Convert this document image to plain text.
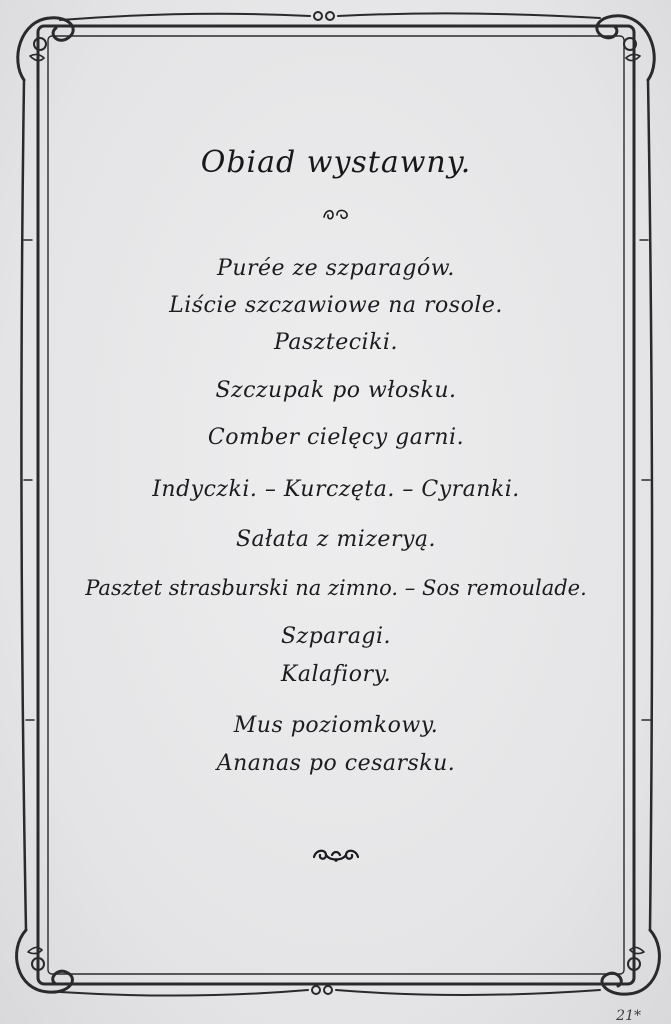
Obiad wystawny.
Purée ze szparagów.
Liście szczawiowe na rosole.
Paszteciki.
Szczupak po włosku.
Comber cielęcy garni.
Indyczki. – Kurczęta. – Cyranki.
Sałata z mizeryą.
Pasztet strasburski na zimno. – Sos remoulade.
Szparagi.
Kalafiory.
Mus poziomkowy.
Ananas po cesarsku.
21*
